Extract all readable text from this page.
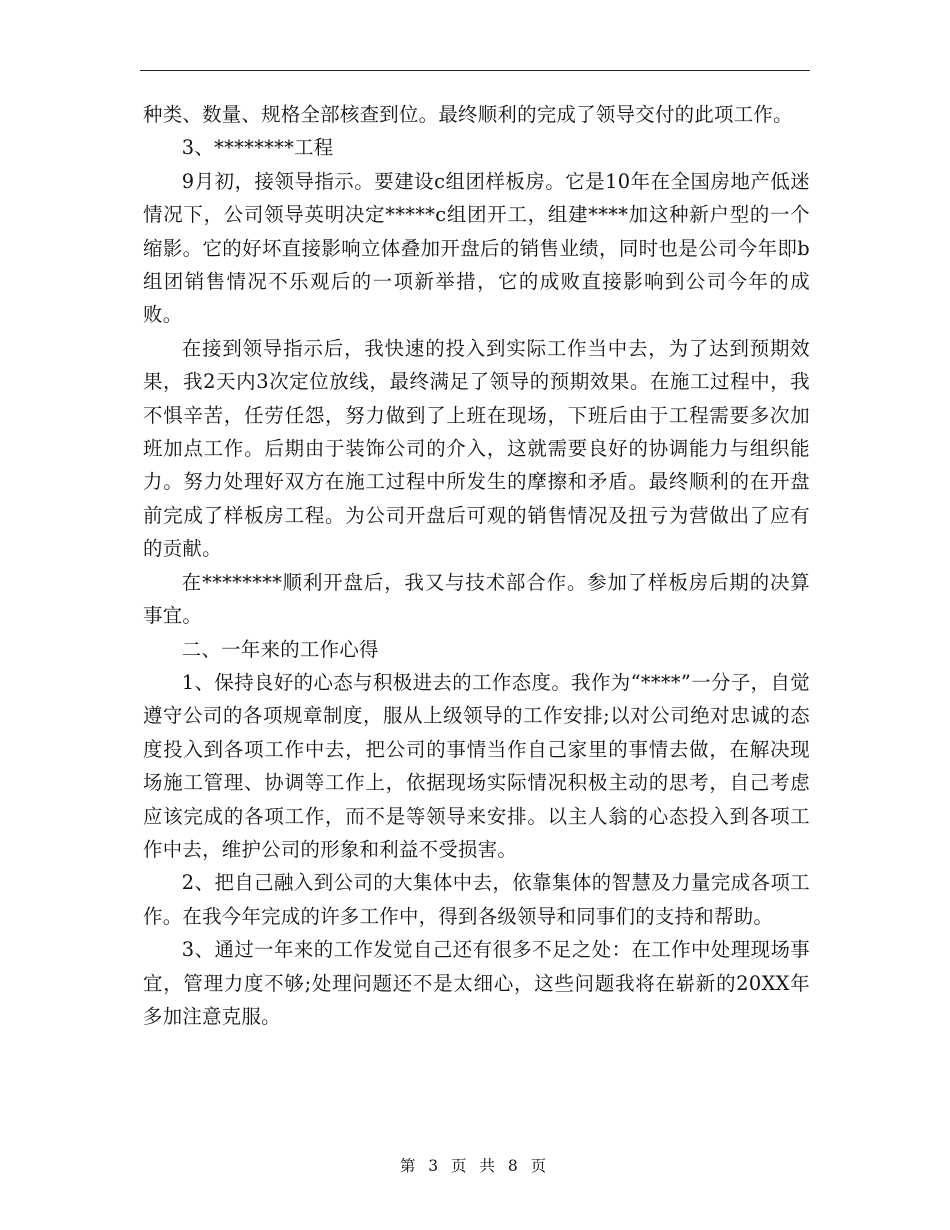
种类、数量、规格全部核查到位。最终顺利的完成了领导交付的此项工作。

3、********工程

9月初，接领导指示。要建设c组团样板房。它是10年在全国房地产低迷情况下，公司领导英明决定*****c组团开工，组建****加这种新户型的一个缩影。它的好坏直接影响立体叠加开盘后的销售业绩，同时也是公司今年即b组团销售情况不乐观后的一项新举措，它的成败直接影响到公司今年的成败。

在接到领导指示后，我快速的投入到实际工作当中去，为了达到预期效果，我2天内3次定位放线，最终满足了领导的预期效果。在施工过程中，我不惧辛苦，任劳任怨，努力做到了上班在现场，下班后由于工程需要多次加班加点工作。后期由于装饰公司的介入，这就需要良好的协调能力与组织能力。努力处理好双方在施工过程中所发生的摩擦和矛盾。最终顺利的在开盘前完成了样板房工程。为公司开盘后可观的销售情况及扭亏为营做出了应有的贡献。

在********顺利开盘后，我又与技术部合作。参加了样板房后期的决算事宜。

二、一年来的工作心得

1、保持良好的心态与积极进去的工作态度。我作为“****”一分子，自觉遵守公司的各项规章制度，服从上级领导的工作安排;以对公司绝对忠诚的态度投入到各项工作中去，把公司的事情当作自己家里的事情去做，在解决现场施工管理、协调等工作上，依据现场实际情况积极主动的思考，自己考虑应该完成的各项工作，而不是等领导来安排。以主人翁的心态投入到各项工作中去，维护公司的形象和利益不受损害。

2、把自己融入到公司的大集体中去，依靠集体的智慧及力量完成各项工作。在我今年完成的许多工作中，得到各级领导和同事们的支持和帮助。

3、通过一年来的工作发觉自己还有很多不足之处：在工作中处理现场事宜，管理力度不够;处理问题还不是太细心，这些问题我将在崭新的20XX年多加注意克服。

第 3 页 共 8 页
